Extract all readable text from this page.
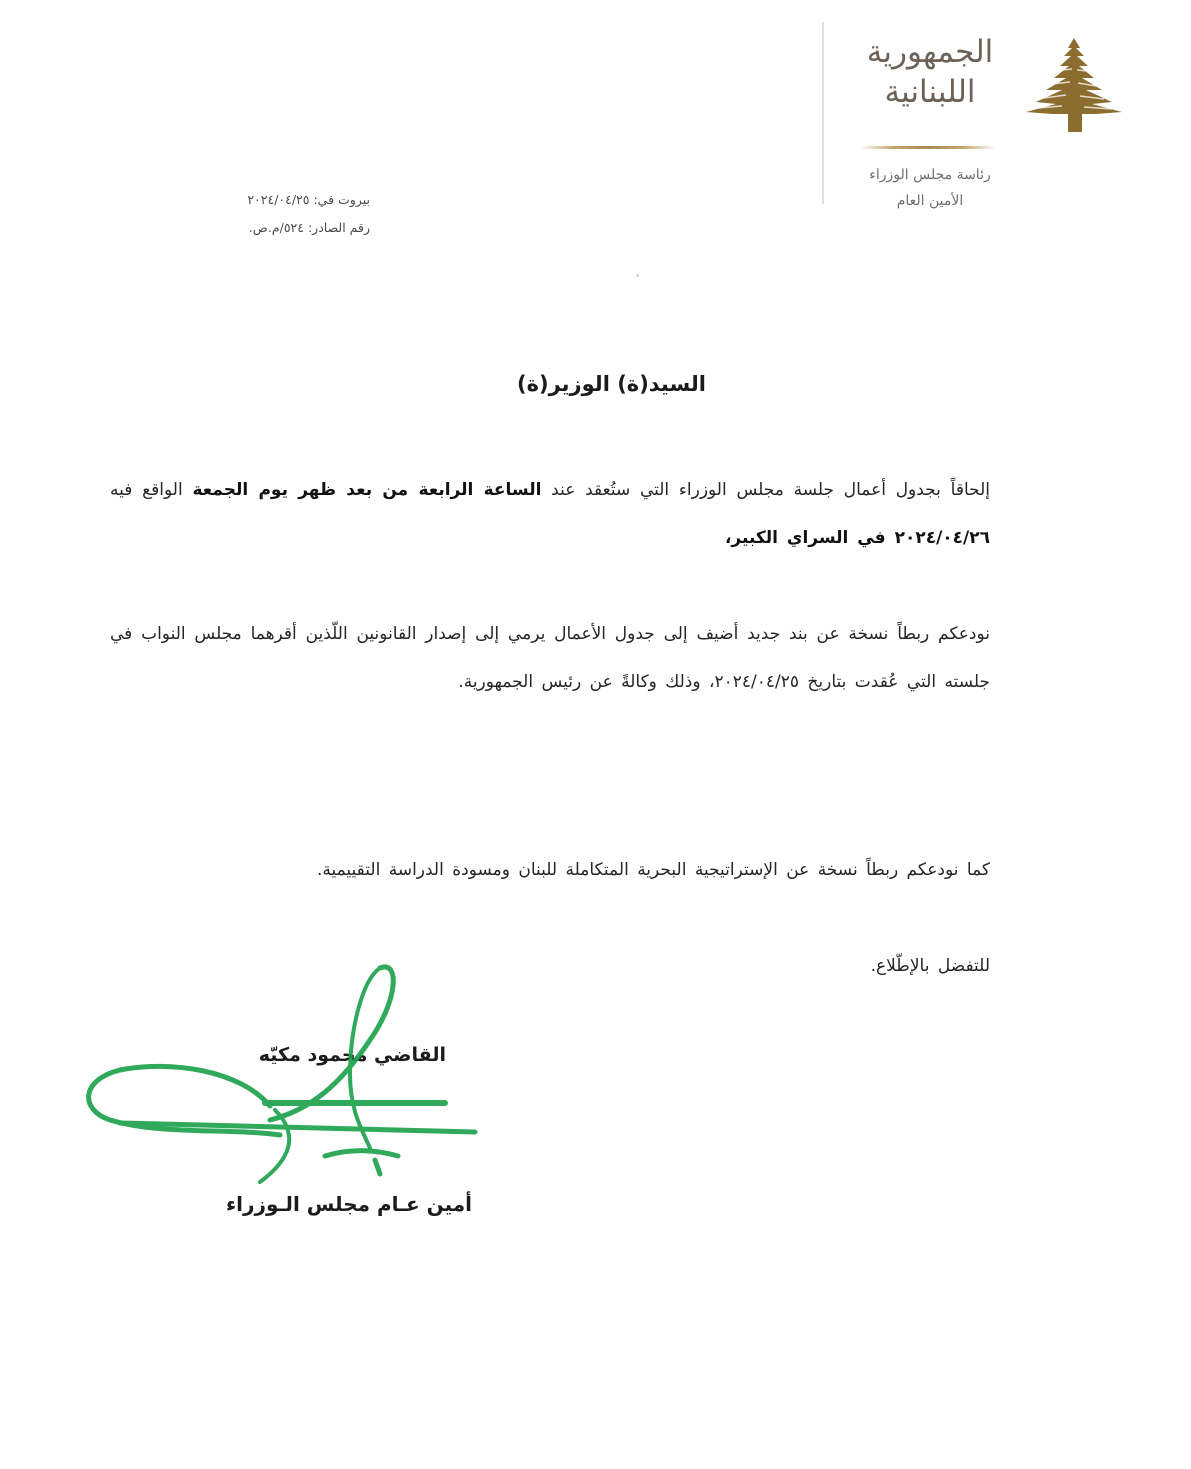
الجمهورية
اللبنانية
رئاسة مجلس الوزراء
الأمين العام
بيروت في: ٢٠٢٤/٠٤/٢٥
رقم الصادر: ٥٢٤/م.ص.
السيد(ة) الوزير(ة)
إلحاقاً بجدول أعمال جلسة مجلس الوزراء التي ستُعقد عند الساعة الرابعة من بعد ظهر يوم الجمعة الواقع فيه ٢٠٢٤/٠٤/٢٦ في السراي الكبير،
نودعكم ربطاً نسخة عن بند جديد أضيف إلى جدول الأعمال يرمي إلى إصدار القانونين اللّذين أقرهما مجلس النواب في جلسته التي عُقدت بتاريخ ٢٠٢٤/٠٤/٢٥، وذلك وكالةً عن رئيس الجمهورية.
كما نودعكم ربطاً نسخة عن الإستراتيجية البحرية المتكاملة للبنان ومسودة الدراسة التقييمية.
للتفضل بالإطّلاع.
القاضي محمود مكيّه
أمين عـام مجلس الـوزراء
